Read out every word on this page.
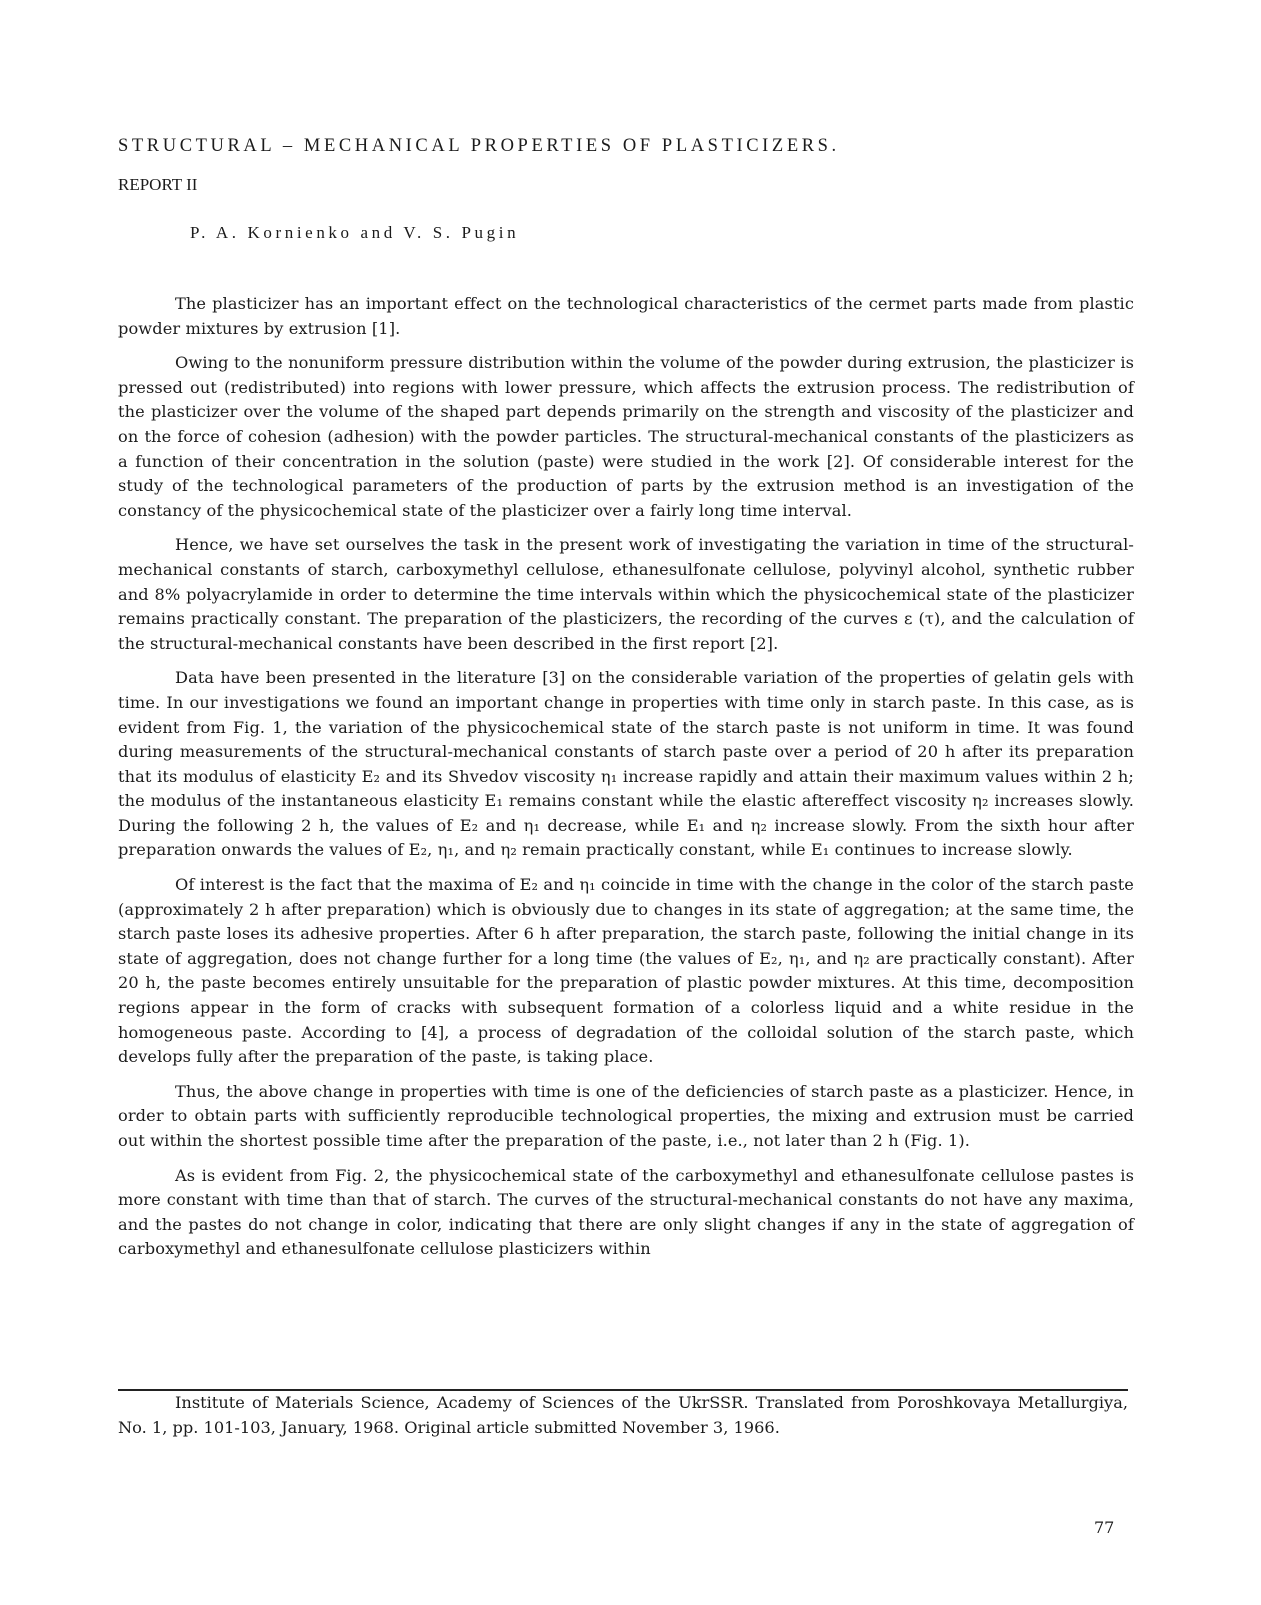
STRUCTURAL – MECHANICAL PROPERTIES OF PLASTICIZERS.
REPORT II
P. A. Kornienko and V. S. Pugin

The plasticizer has an important effect on the technological characteristics of the cermet parts made from plastic powder mixtures by extrusion [1].

Owing to the nonuniform pressure distribution within the volume of the powder during extrusion, the plasticizer is pressed out (redistributed) into regions with lower pressure, which affects the extrusion process. The redistribution of the plasticizer over the volume of the shaped part depends primarily on the strength and viscosity of the plasticizer and on the force of cohesion (adhesion) with the powder particles. The structural-mechanical constants of the plasticizers as a function of their concentration in the solution (paste) were studied in the work [2]. Of considerable interest for the study of the technological parameters of the production of parts by the extrusion method is an investigation of the constancy of the physicochemical state of the plasticizer over a fairly long time interval.

Hence, we have set ourselves the task in the present work of investigating the variation in time of the structural-mechanical constants of starch, carboxymethyl cellulose, ethanesulfonate cellulose, polyvinyl alcohol, synthetic rubber and 8% polyacrylamide in order to determine the time intervals within which the physicochemical state of the plasticizer remains practically constant. The preparation of the plasticizers, the recording of the curves ε (τ), and the calculation of the structural-mechanical constants have been described in the first report [2].

Data have been presented in the literature [3] on the considerable variation of the properties of gelatin gels with time. In our investigations we found an important change in properties with time only in starch paste. In this case, as is evident from Fig. 1, the variation of the physicochemical state of the starch paste is not uniform in time. It was found during measurements of the structural-mechanical constants of starch paste over a period of 20 h after its preparation that its modulus of elasticity E₂ and its Shvedov viscosity η₁ increase rapidly and attain their maximum values within 2 h; the modulus of the instantaneous elasticity E₁ remains constant while the elastic aftereffect viscosity η₂ increases slowly. During the following 2 h, the values of E₂ and η₁ decrease, while E₁ and η₂ increase slowly. From the sixth hour after preparation onwards the values of E₂, η₁, and η₂ remain practically constant, while E₁ continues to increase slowly.

Of interest is the fact that the maxima of E₂ and η₁ coincide in time with the change in the color of the starch paste (approximately 2 h after preparation) which is obviously due to changes in its state of aggregation; at the same time, the starch paste loses its adhesive properties. After 6 h after preparation, the starch paste, following the initial change in its state of aggregation, does not change further for a long time (the values of E₂, η₁, and η₂ are practically constant). After 20 h, the paste becomes entirely unsuitable for the preparation of plastic powder mixtures. At this time, decomposition regions appear in the form of cracks with subsequent formation of a colorless liquid and a white residue in the homogeneous paste. According to [4], a process of degradation of the colloidal solution of the starch paste, which develops fully after the preparation of the paste, is taking place.

Thus, the above change in properties with time is one of the deficiencies of starch paste as a plasticizer. Hence, in order to obtain parts with sufficiently reproducible technological properties, the mixing and extrusion must be carried out within the shortest possible time after the preparation of the paste, i.e., not later than 2 h (Fig. 1).

As is evident from Fig. 2, the physicochemical state of the carboxymethyl and ethanesulfonate cellulose pastes is more constant with time than that of starch. The curves of the structural-mechanical constants do not have any maxima, and the pastes do not change in color, indicating that there are only slight changes if any in the state of aggregation of carboxymethyl and ethanesulfonate cellulose plasticizers within

Institute of Materials Science, Academy of Sciences of the UkrSSR. Translated from Poroshkovaya Metallurgiya, No. 1, pp. 101-103, January, 1968. Original article submitted November 3, 1966.

77
